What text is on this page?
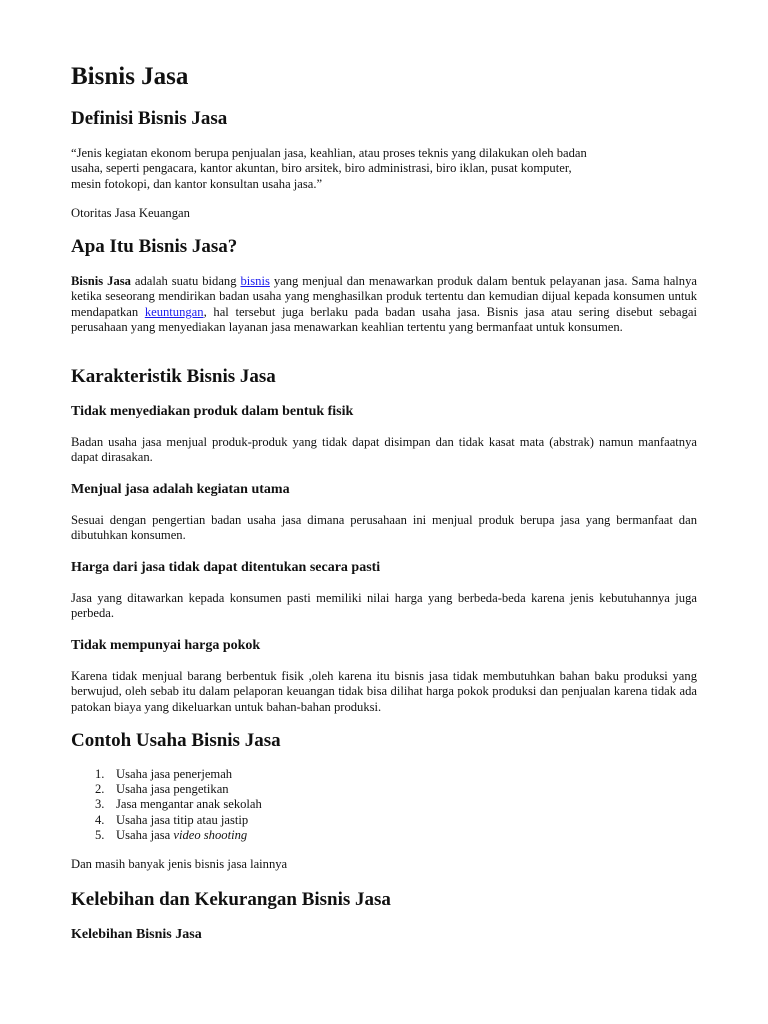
Bisnis Jasa
Definisi Bisnis Jasa
“Jenis kegiatan ekonom berupa penjualan jasa, keahlian, atau proses teknis yang dilakukan oleh badan
usaha, seperti pengacara, kantor akuntan, biro arsitek, biro administrasi, biro iklan, pusat komputer,
mesin fotokopi, dan kantor konsultan usaha jasa.”
Otoritas Jasa Keuangan
Apa Itu Bisnis Jasa?

Bisnis Jasa adalah suatu bidang bisnis yang menjual dan menawarkan produk dalam bentuk pelayanan jasa. Sama halnya ketika seseorang mendirikan badan usaha yang menghasilkan produk tertentu dan kemudian dijual kepada konsumen untuk mendapatkan keuntungan, hal tersebut juga berlaku pada badan usaha jasa. Bisnis jasa atau sering disebut sebagai perusahaan yang menyediakan layanan jasa menawarkan keahlian tertentu yang bermanfaat untuk konsumen.

Karakteristik Bisnis Jasa
Tidak menyediakan produk dalam bentuk fisik

Badan usaha jasa menjual produk-produk yang tidak dapat disimpan dan tidak kasat mata (abstrak) namun manfaatnya dapat dirasakan.

Menjual jasa adalah kegiatan utama

Sesuai dengan pengertian badan usaha jasa dimana perusahaan ini menjual produk berupa jasa yang bermanfaat dan dibutuhkan konsumen.

Harga dari jasa tidak dapat ditentukan secara pasti

Jasa yang ditawarkan kepada konsumen pasti memiliki nilai harga yang berbeda-beda karena jenis kebutuhannya juga perbeda.

Tidak mempunyai harga pokok

Karena tidak menjual barang berbentuk fisik ,oleh karena itu bisnis jasa tidak membutuhkan bahan baku produksi yang berwujud, oleh sebab itu dalam pelaporan keuangan tidak bisa dilihat harga pokok produksi dan penjualan karena tidak ada patokan biaya yang dikeluarkan untuk bahan-bahan produksi.

Contoh Usaha Bisnis Jasa
1. Usaha jasa penerjemah
2. Usaha jasa pengetikan
3. Jasa mengantar anak sekolah
4. Usaha jasa titip atau jastip
5. Usaha jasa video shooting
Dan masih banyak jenis bisnis jasa lainnya
Kelebihan dan Kekurangan Bisnis Jasa
Kelebihan Bisnis Jasa
